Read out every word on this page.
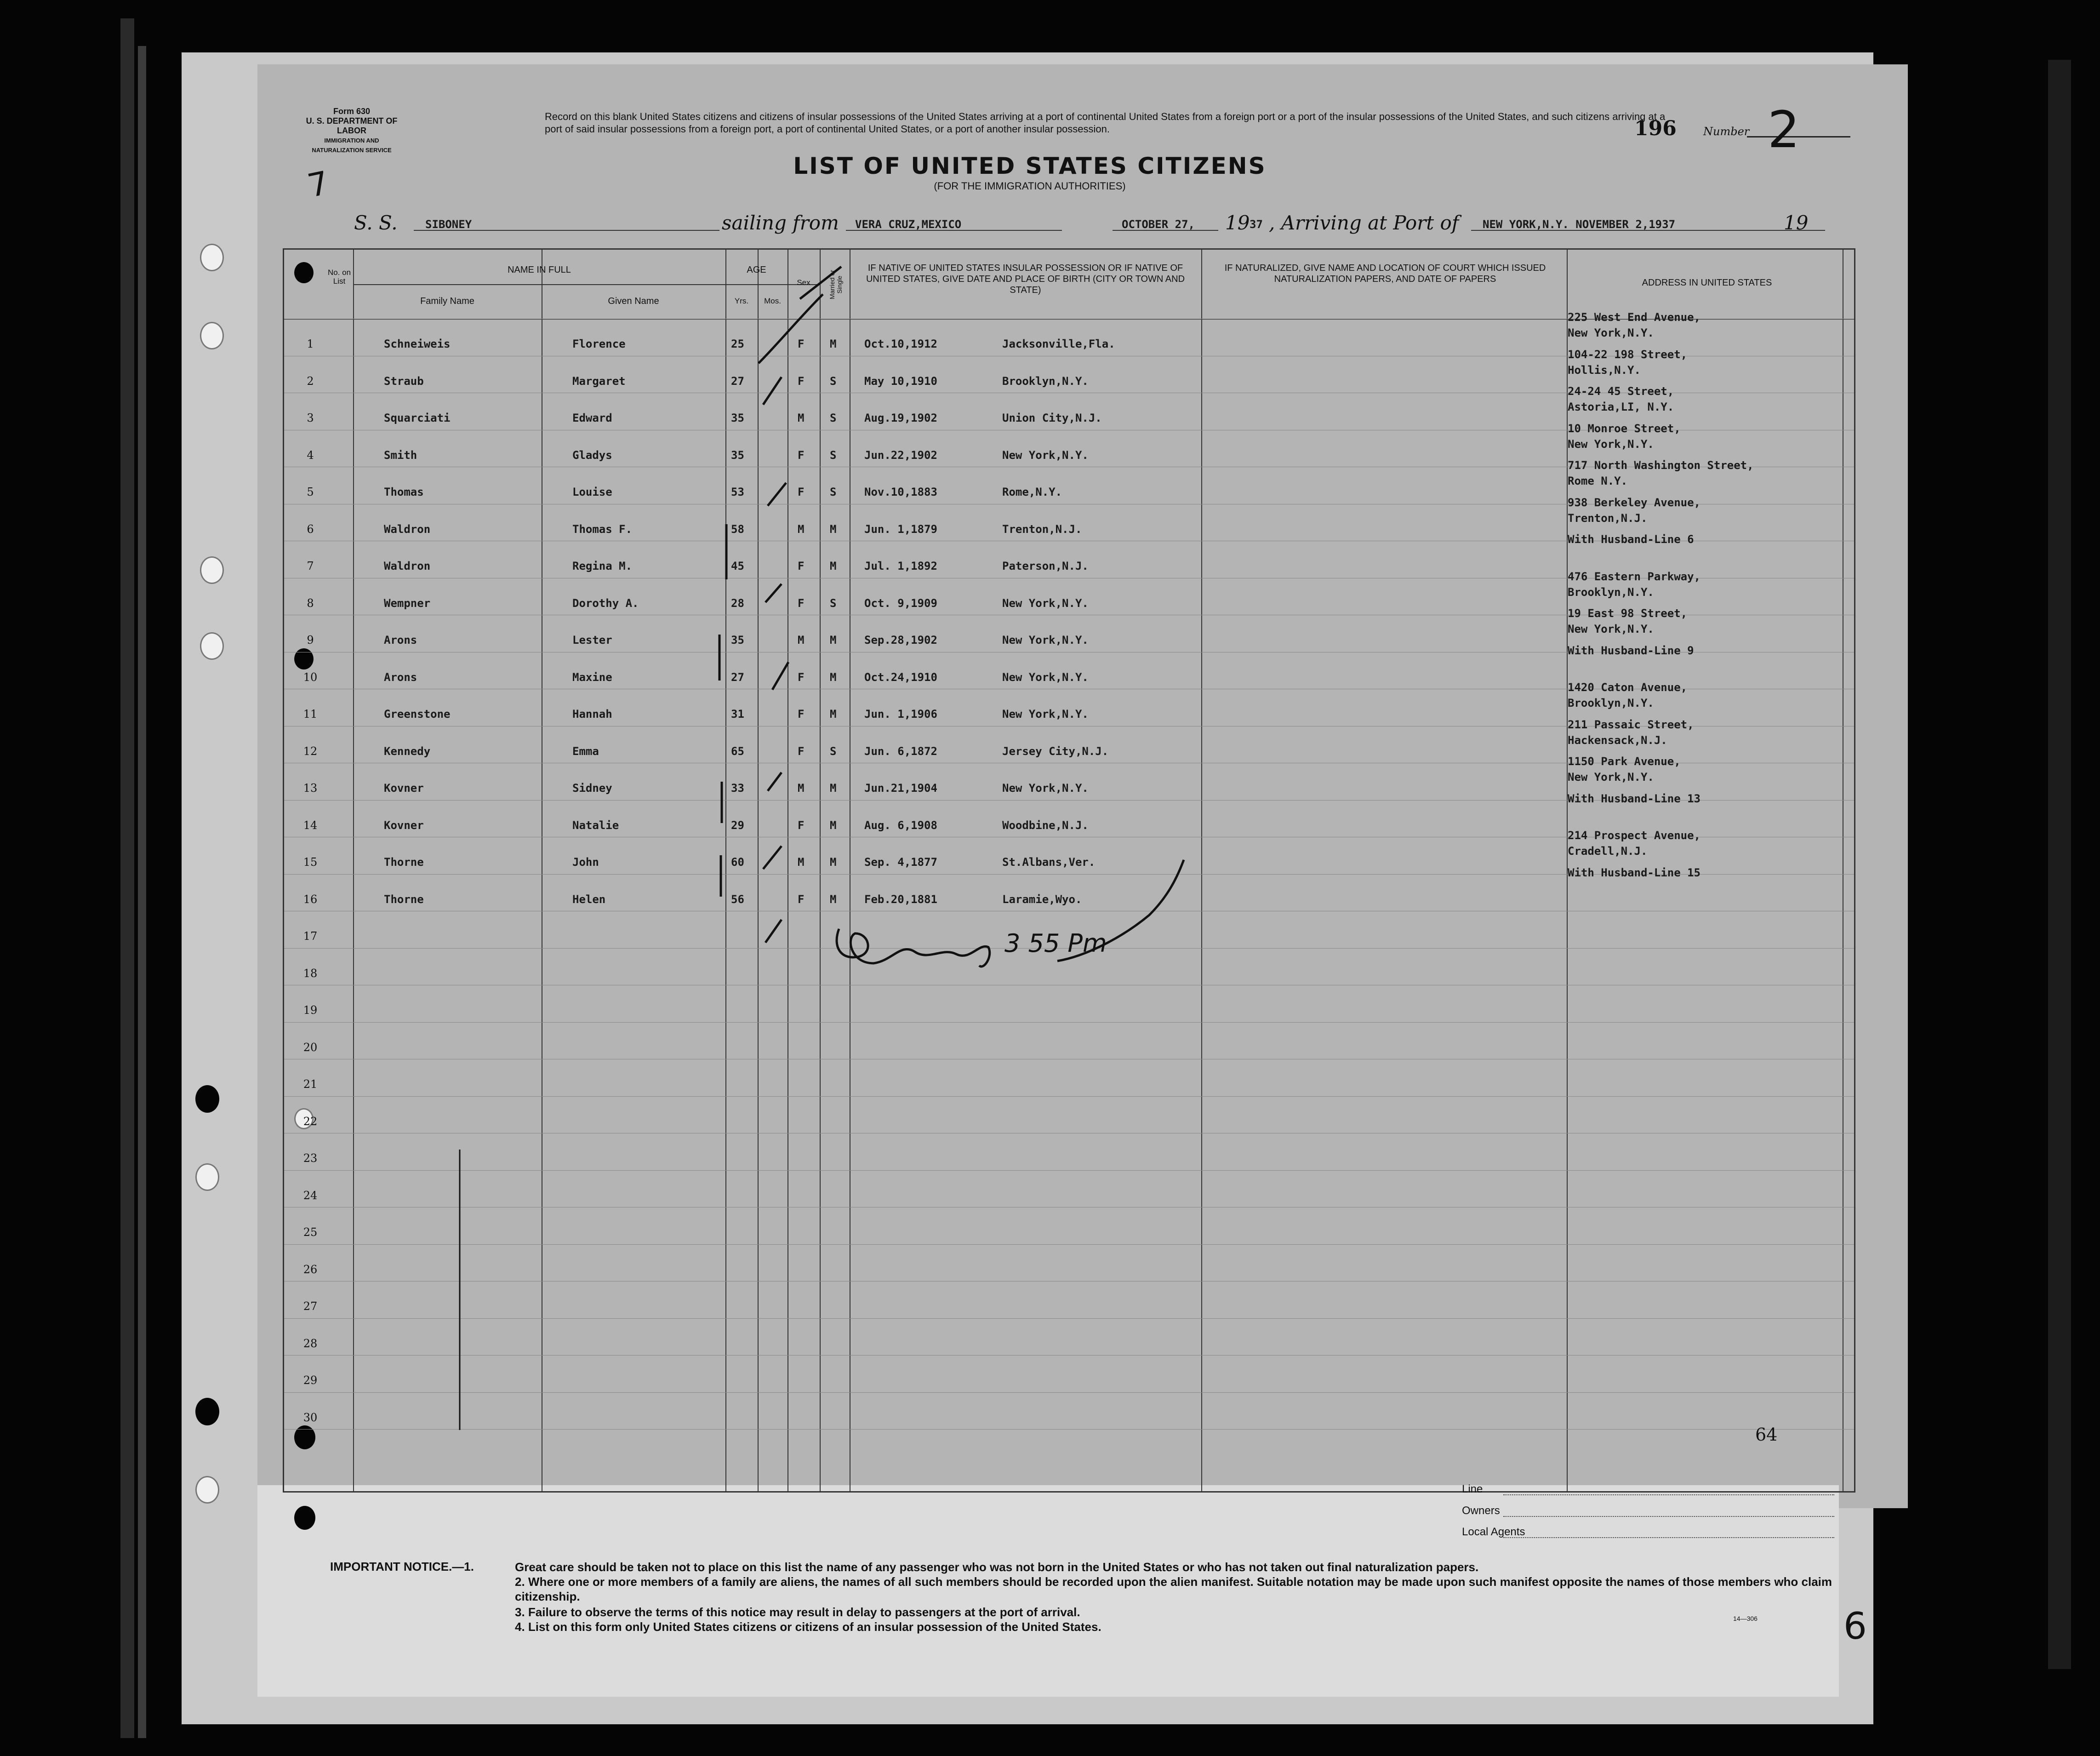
Form 630
U. S. DEPARTMENT OF LABOR
IMMIGRATION AND NATURALIZATION SERVICE
Record on this blank United States citizens and citizens of insular possessions of the United States arriving at a port of continental United States from a foreign port or a port of the insular possessions of the United States, and such citizens arriving at a port of said insular possessions from a foreign port, a port of continental United States, or a port of another insular possession.	196 Number 2
7	LIST OF UNITED STATES CITIZENS
(FOR THE IMMIGRATION AUTHORITIES)
S. S.	SIBONEY	sailing from VERA CRUZ,MEXICO	OCTOBER 27, 19 37 , Arriving at Port of NEW YORK,N.Y. NOVEMBER 2,1937	19
No. on List
NAME IN FULL
Family Name	Given Name
AGE
Yrs.	Mos.
Sex	Married or Single
IF NATIVE OF UNITED STATES INSULAR POSSESSION OR IF NATIVE OF UNITED STATES, GIVE DATE AND PLACE OF BIRTH (CITY OR TOWN AND STATE)
IF NATURALIZED, GIVE NAME AND LOCATION OF COURT WHICH ISSUED NATURALIZATION PAPERS, AND DATE OF PAPERS	ADDRESS IN UNITED STATES
64
1	Schneiweis	Florence	25	F M	Oct.10,1912	Jacksonville,Fla.
225 West End Avenue,
New York,N.Y.
2	Straub	Margaret	27	F S	May 10,1910	Brooklyn,N.Y.
104-22 198 Street,
Hollis,N.Y.
3	Squarciati	Edward	35	M S	Aug.19,1902	Union City,N.J.
24-24 45 Street,
Astoria,LI, N.Y.
4	Smith	Gladys	35	F S	Jun.22,1902	New York,N.Y.
10 Monroe Street,
New York,N.Y.
5	Thomas	Louise	53	F S	Nov.10,1883	Rome,N.Y.
717 North Washington Street,
Rome N.Y.
6	Waldron	Thomas F.	58	M M	Jun. 1,1879	Trenton,N.J.
938 Berkeley Avenue,
Trenton,N.J.
7	Waldron	Regina M.	45	F M	Jul. 1,1892	Paterson,N.J.
With Husband-Line 6
8	Wempner	Dorothy A.	28	F S	Oct. 9,1909	New York,N.Y.
476 Eastern Parkway,
Brooklyn,N.Y.
9	Arons	Lester	35	M M	Sep.28,1902	New York,N.Y.
19 East 98 Street,
New York,N.Y.
10	Arons	Maxine	27	F M	Oct.24,1910	New York,N.Y.
With Husband-Line 9
11	Greenstone	Hannah	31	F M	Jun. 1,1906	New York,N.Y.
1420 Caton Avenue,
Brooklyn,N.Y.
12	Kennedy	Emma	65	F S	Jun. 6,1872	Jersey City,N.J.
211 Passaic Street,
Hackensack,N.J.
13	Kovner	Sidney	33	M M	Jun.21,1904	New York,N.Y.
1150 Park Avenue,
New York,N.Y.
14	Kovner	Natalie	29	F M	Aug. 6,1908	Woodbine,N.J.
With Husband-Line 13
15	Thorne	John	60	M M	Sep. 4,1877	St.Albans,Ver.
214 Prospect Avenue,
Cradell,N.J.
16	Thorne	Helen	56	F M	Feb.20,1881	Laramie,Wyo.
With Husband-Line 15
17
18
19
20
21
22
23
24
25
26
27
28
29
30
3 55 Pm
Line
Owners
Local Agents
IMPORTANT NOTICE.—1.	Great care should be taken not to place on this list the name of any passenger who was not born in the United States or who has not taken out final naturalization papers.
2. Where one or more members of a family are aliens, the names of all such members should be recorded upon the alien manifest. Suitable notation may be made upon such manifest opposite the names of those members who claim citizenship.
3. Failure to observe the terms of this notice may result in delay to passengers at the port of arrival.
4. List on this form only United States citizens or citizens of an insular possession of the United States.
14—306 6
